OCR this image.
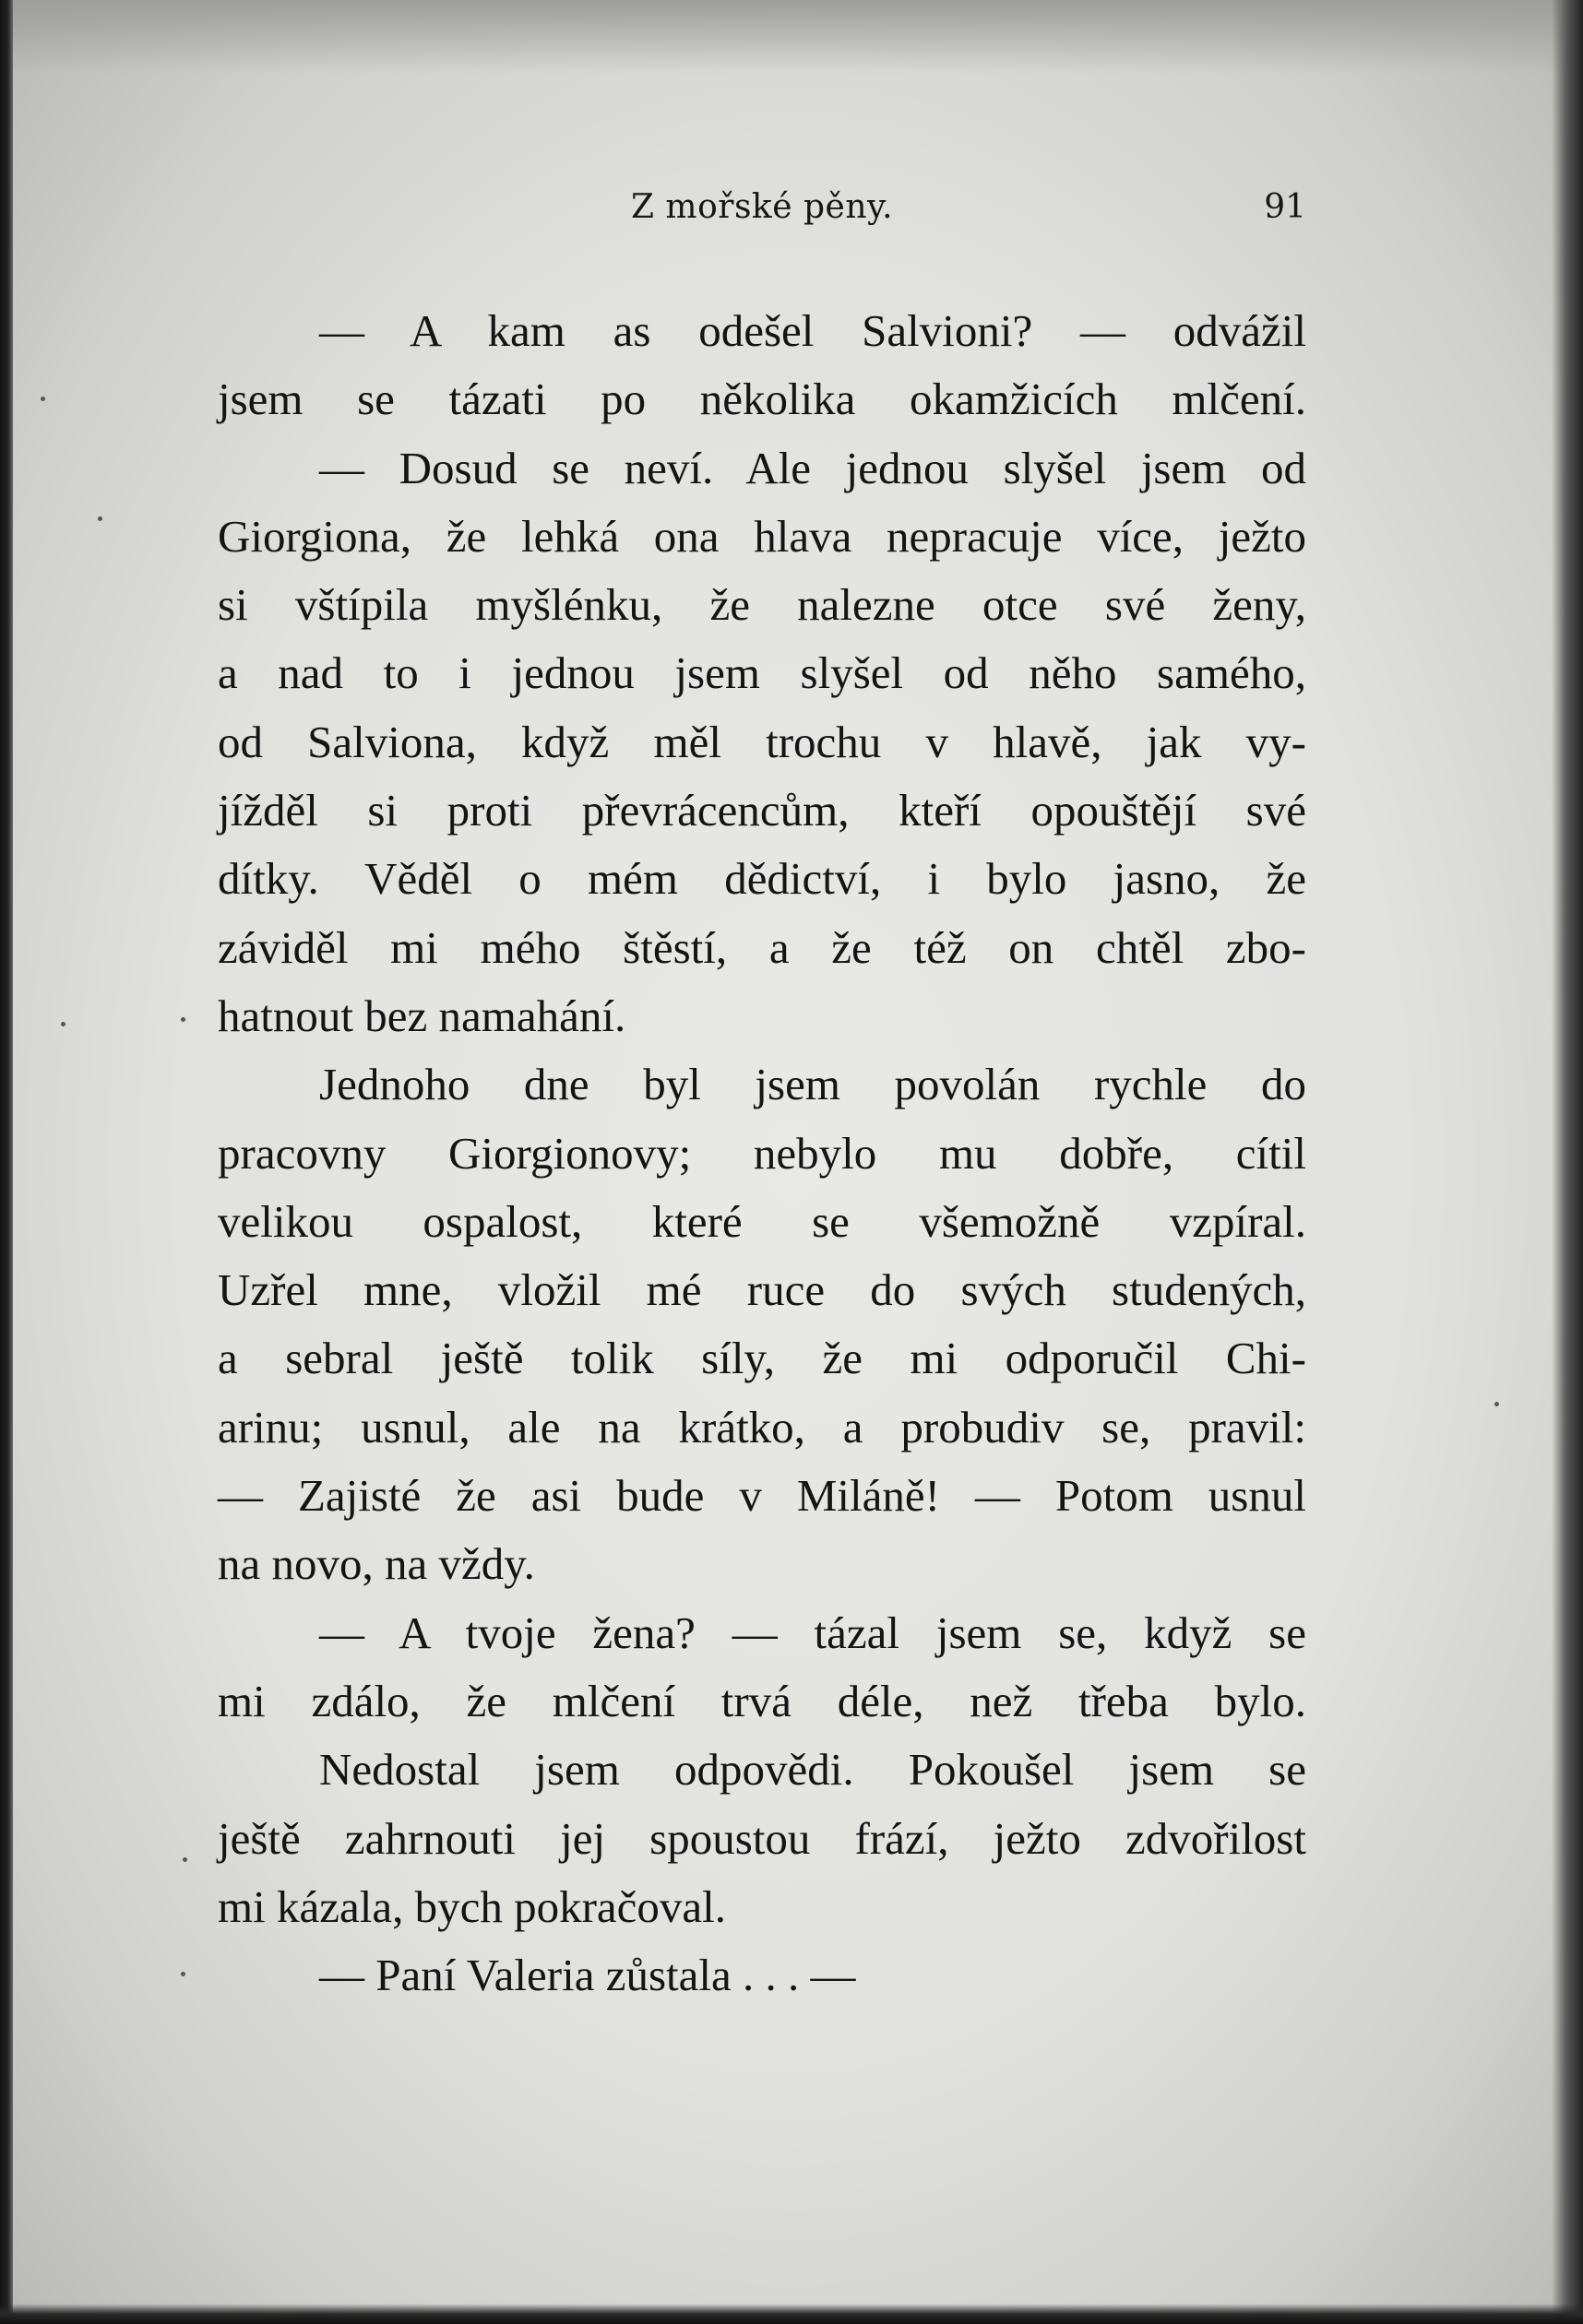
Z mořské pěny.	91
— A kam as odešel Salvioni? — odvážil
jsem se tázati po několika okamžicích mlčení.
— Dosud se neví. Ale jednou slyšel jsem od
Giorgiona, že lehká ona hlava nepracuje více, ježto
si vštípila myšlénku, že nalezne otce své ženy,
a nad to i jednou jsem slyšel od něho samého,
od Salviona, když měl trochu v hlavě, jak vy-
jížděl si proti převrácencům, kteří opouštějí své
dítky. Věděl o mém dědictví, i bylo jasno, že
záviděl mi mého štěstí, a že též on chtěl zbo-
hatnout bez namahání.
Jednoho dne byl jsem povolán rychle do
pracovny Giorgionovy; nebylo mu dobře, cítil
velikou ospalost, které se všemožně vzpíral.
Uzřel mne, vložil mé ruce do svých studených,
a sebral ještě tolik síly, že mi odporučil Chi-
arinu; usnul, ale na krátko, a probudiv se, pravil:
— Zajisté že asi bude v Miláně! — Potom usnul
na novo, na vždy.
— A tvoje žena? — tázal jsem se, když se
mi zdálo, že mlčení trvá déle, než třeba bylo.
Nedostal jsem odpovědi. Pokoušel jsem se
ještě zahrnouti jej spoustou frází, ježto zdvořilost
mi kázala, bych pokračoval.
— Paní Valeria zůstala . . . —
